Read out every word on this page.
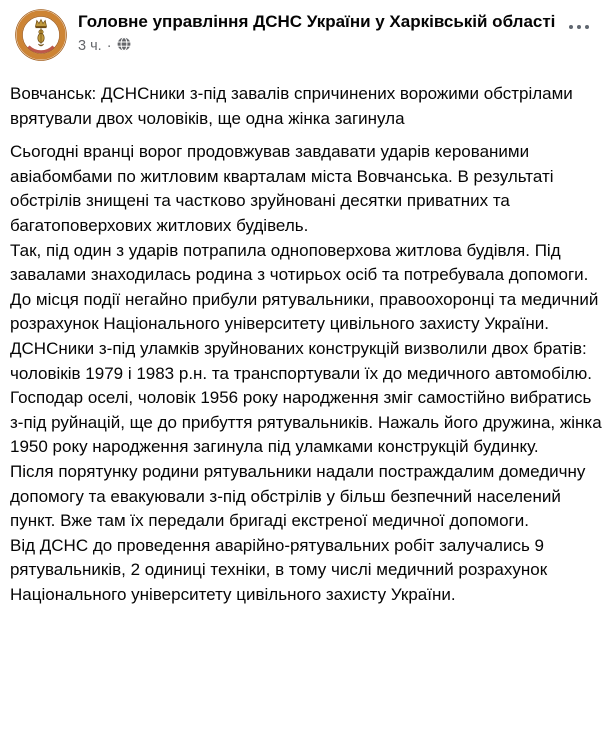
Головне управління ДСНС України у Харківській області
3 ч. ·

Вовчанськ: ДСНСники з-під завалів спричинених ворожими обстрілами врятували двох чоловіків, ще одна жінка загинула

Сьогодні вранці ворог продовжував завдавати ударів керованими авіабомбами по житловим кварталам міста Вовчанська. В результаті обстрілів знищені та частково зруйновані десятки приватних та багатоповерхових житлових будівель.

Так, під один з ударів потрапила одноповерхова житлова будівля. Під завалами знаходилась родина з чотирьох осіб та потребувала допомоги.

До місця події негайно прибули рятувальники, правоохоронці та медичний розрахунок Національного університету цивільного захисту України. ДСНСники з-під уламків зруйнованих конструкцій визволили двох братів: чоловіків 1979 і 1983 р.н. та транспортували їх до медичного автомобілю. Господар оселі, чоловік 1956 року народження зміг самостійно вибратись з-під руйнацій, ще до прибуття рятувальників. Нажаль його дружина, жінка 1950 року народження загинула під уламками конструкцій будинку.

Після порятунку родини рятувальники надали постраждалим домедичну допомогу та евакуювали з-під обстрілів у більш безпечний населений пункт. Вже там їх передали бригаді екстреної медичної допомоги.

Від ДСНС до проведення аварійно-рятувальних робіт залучались 9 рятувальників, 2 одиниці техніки, в тому числі медичний розрахунок Національного університету цивільного захисту України.
